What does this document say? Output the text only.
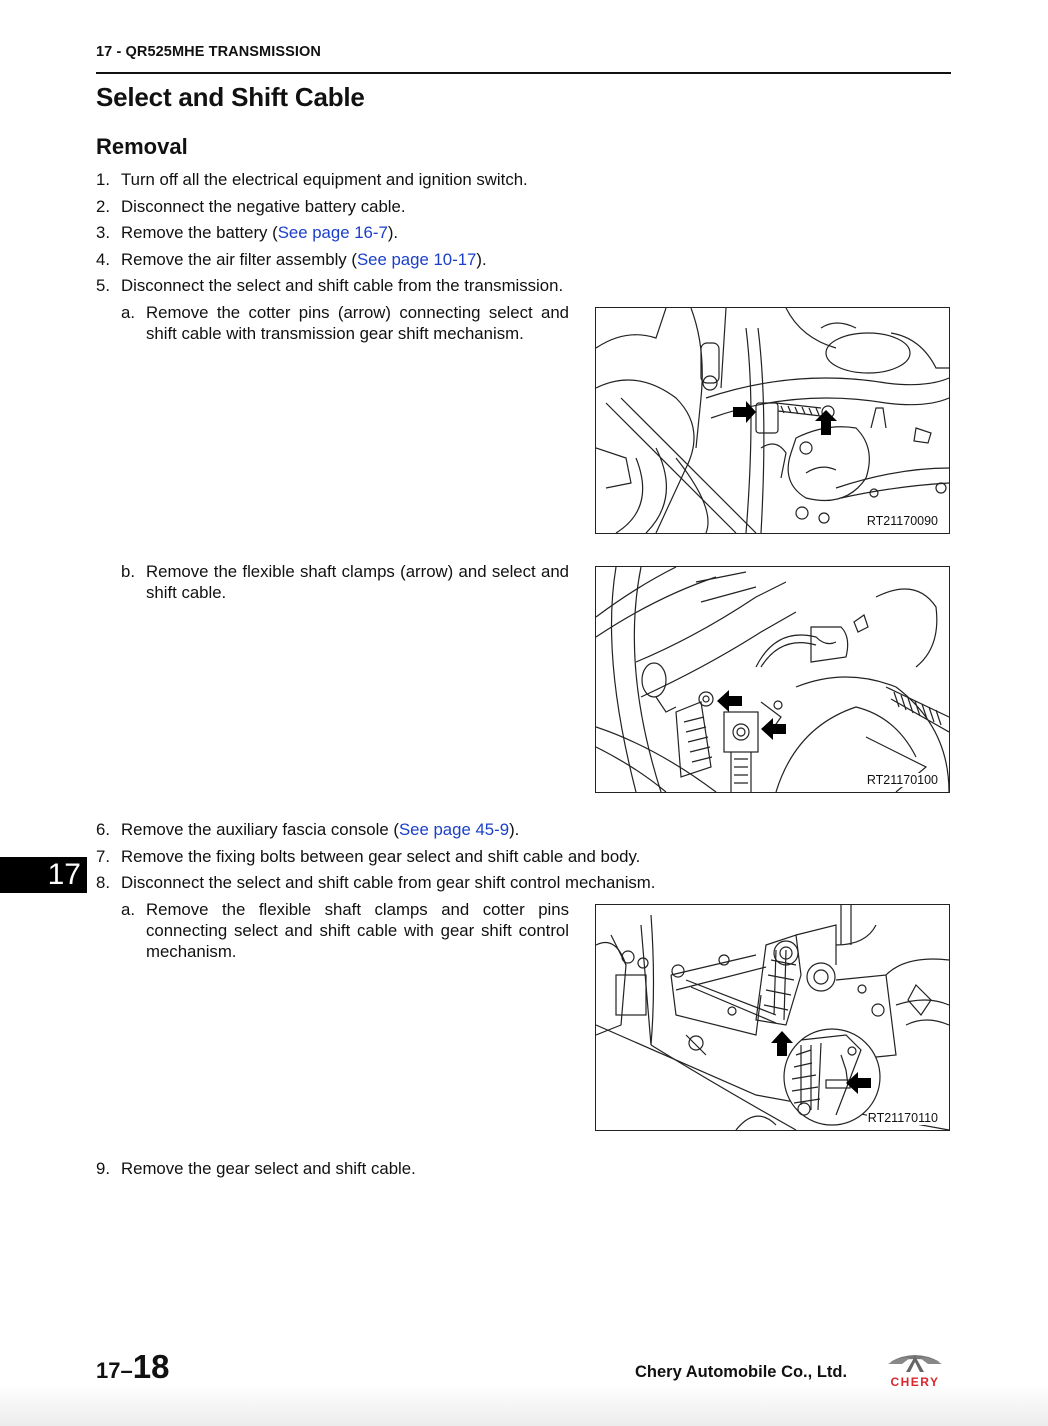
17 - QR525MHE TRANSMISSION
Select and Shift Cable
Removal
1. Turn off all the electrical equipment and ignition switch.
2. Disconnect the negative battery cable.
3. Remove the battery (See page 16-7).
4. Remove the air filter assembly (See page 10-17).
5. Disconnect the select and shift cable from the transmission.
a. Remove the cotter pins (arrow) connecting select and shift cable with transmission gear shift mechanism.
RT21170090
b. Remove the flexible shaft clamps (arrow) and select and shift cable.
RT21170100
6. Remove the auxiliary fascia console (See page 45-9).
7. Remove the fixing bolts between gear select and shift cable and body.
8. Disconnect the select and shift cable from gear shift control mechanism.
17
a. Remove the flexible shaft clamps and cotter pins connecting select and shift cable with gear shift control mechanism.
RT21170110
9. Remove the gear select and shift cable.
17–18	Chery Automobile Co., Ltd.
CHERY
